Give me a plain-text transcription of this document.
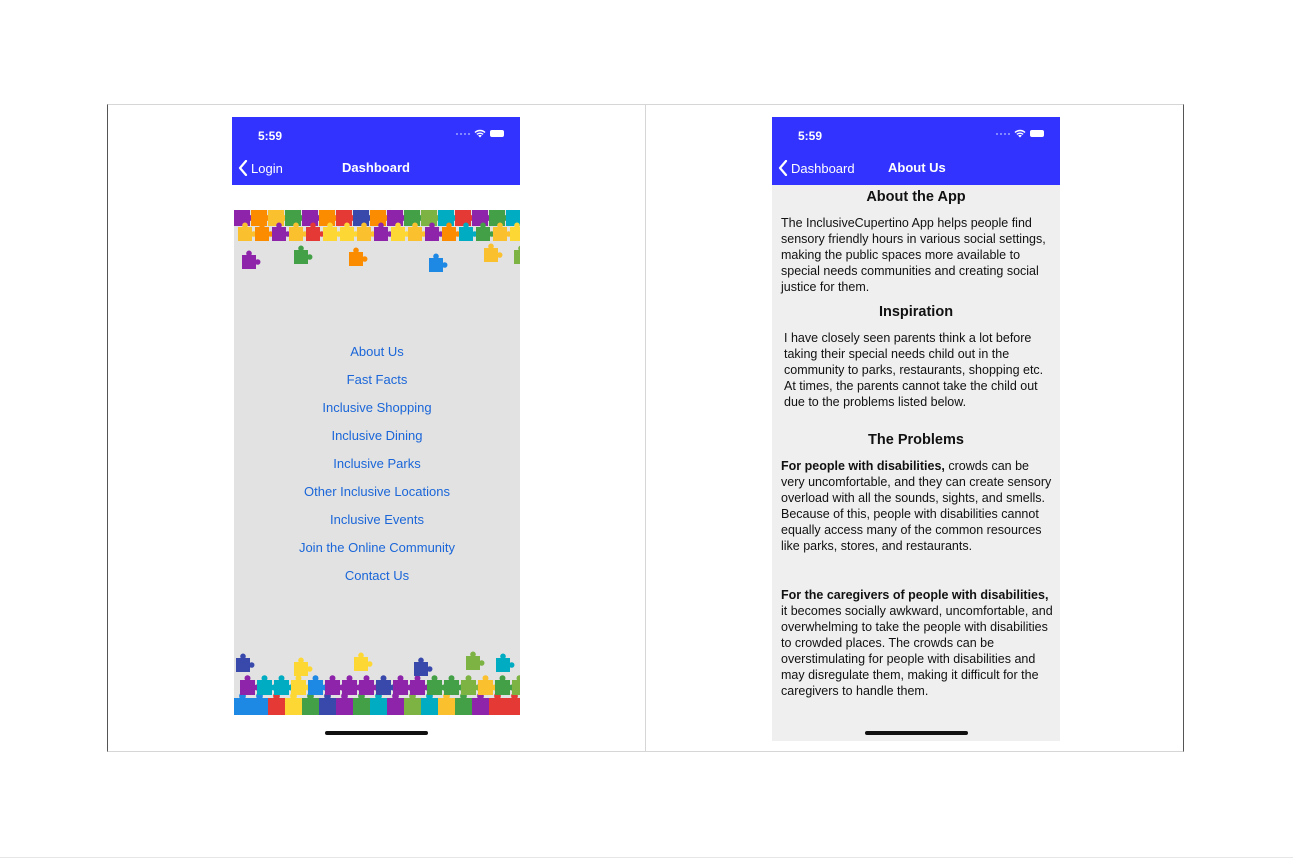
5:59
Login	Dashboard
About Us
Fast Facts
Inclusive Shopping
Inclusive Dining
Inclusive Parks
Other Inclusive Locations
Inclusive Events
Join the Online Community
Contact Us
5:59
Dashboard	About Us
About the App

The InclusiveCupertino App helps people find sensory friendly hours in various social settings, making the public spaces more available to special needs communities and creating social justice for them.

Inspiration

I have closely seen parents think a lot before taking their special needs child out in the community to parks, restaurants, shopping etc. At times, the parents cannot take the child out due to the problems listed below.

The Problems

For people with disabilities, crowds can be very uncomfortable, and they can create sensory overload with all the sounds, sights, and smells. Because of this, people with disabilities cannot equally access many of the common resources like parks, stores, and restaurants.

For the caregivers of people with disabilities, it becomes socially awkward, uncomfortable, and overwhelming to take the people with disabilities to crowded places. The crowds can be overstimulating for people with disabilities and may disregulate them, making it difficult for the caregivers to handle them.
